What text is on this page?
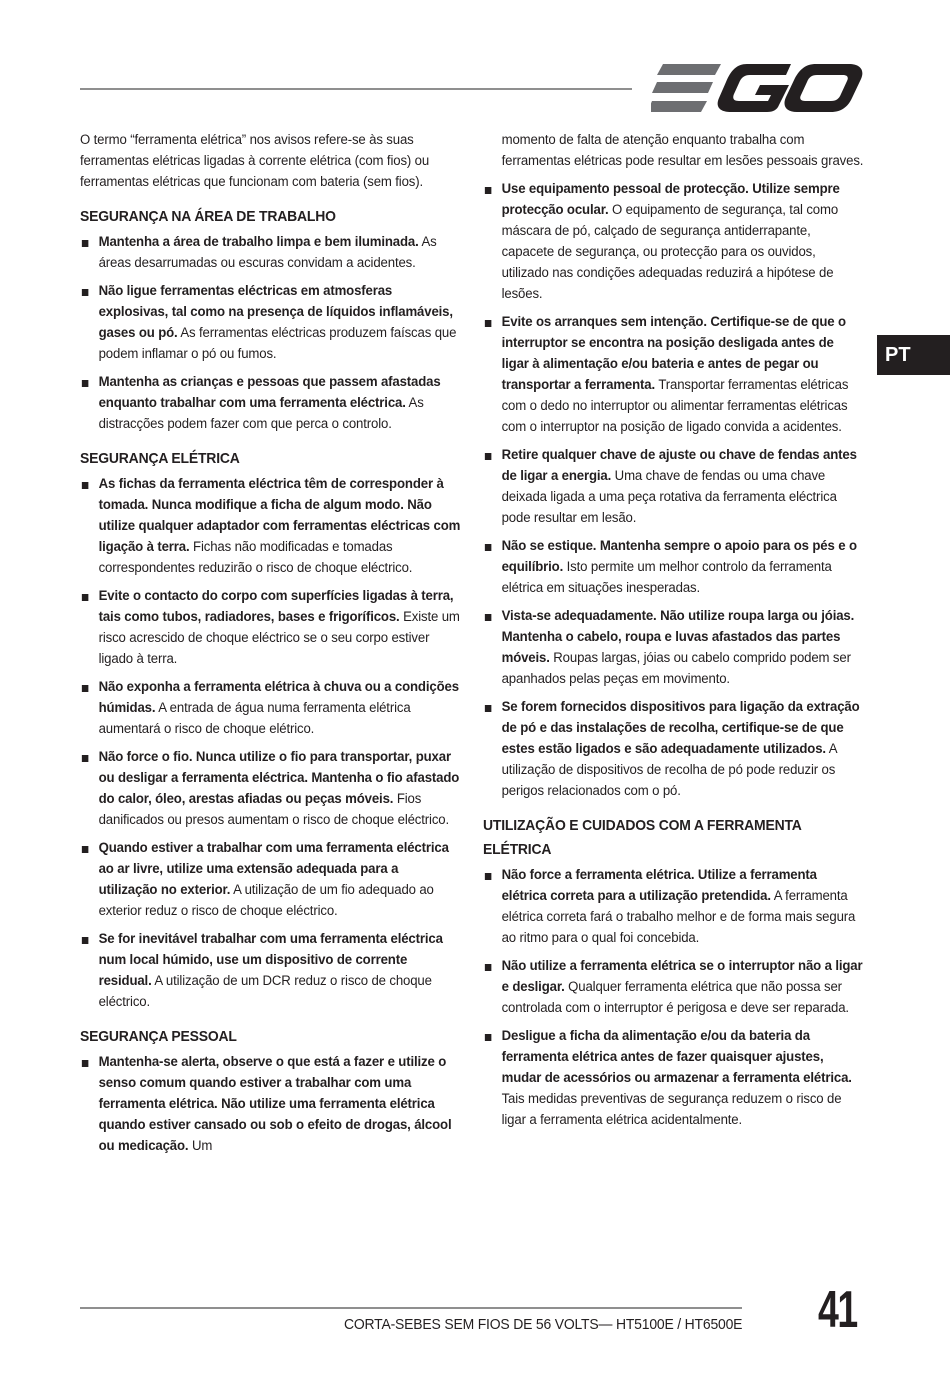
PT

O termo “ferramenta elétrica” nos avisos refere-se às suas ferramentas elétricas ligadas à corrente elétrica (com fios) ou ferramentas elétricas que funcionam com bateria (sem fios).

SEGURANÇA NA ÁREA DE TRABALHO
Mantenha a área de trabalho limpa e bem iluminada. As áreas desarrumadas ou escuras convidam a acidentes.
Não ligue ferramentas eléctricas em atmosferas explosivas, tal como na presença de líquidos inflamáveis, gases ou pó. As ferramentas eléctricas produzem faíscas que podem inflamar o pó ou fumos.
Mantenha as crianças e pessoas que passem afastadas enquanto trabalhar com uma ferramenta eléctrica. As distracções podem fazer com que perca o controlo.
SEGURANÇA ELÉTRICA
As fichas da ferramenta eléctrica têm de corresponder à tomada. Nunca modifique a ficha de algum modo. Não utilize qualquer adaptador com ferramentas eléctricas com ligação à terra. Fichas não modificadas e tomadas correspondentes reduzirão o risco de choque eléctrico.
Evite o contacto do corpo com superfícies ligadas à terra, tais como tubos, radiadores, bases e frigoríficos. Existe um risco acrescido de choque eléctrico se o seu corpo estiver ligado à terra.
Não exponha a ferramenta elétrica à chuva ou a condições húmidas. A entrada de água numa ferramenta elétrica aumentará o risco de choque elétrico.
Não force o fio. Nunca utilize o fio para transportar, puxar ou desligar a ferramenta eléctrica. Mantenha o fio afastado do calor, óleo, arestas afiadas ou peças móveis. Fios danificados ou presos aumentam o risco de choque eléctrico.
Quando estiver a trabalhar com uma ferramenta eléctrica ao ar livre, utilize uma extensão adequada para a utilização no exterior. A utilização de um fio adequado ao exterior reduz o risco de choque eléctrico.
Se for inevitável trabalhar com uma ferramenta eléctrica num local húmido, use um dispositivo de corrente residual. A utilização de um DCR reduz o risco de choque eléctrico.
SEGURANÇA PESSOAL
Mantenha-se alerta, observe o que está a fazer e utilize o senso comum quando estiver a trabalhar com uma ferramenta elétrica. Não utilize uma ferramenta elétrica quando estiver cansado ou sob o efeito de drogas, álcool ou medicação. Um

momento de falta de atenção enquanto trabalha com ferramentas elétricas pode resultar em lesões pessoais graves.

Use equipamento pessoal de protecção. Utilize sempre protecção ocular. O equipamento de segurança, tal como máscara de pó, calçado de segurança antiderrapante, capacete de segurança, ou protecção para os ouvidos, utilizado nas condições adequadas reduzirá a hipótese de lesões.
Evite os arranques sem intenção. Certifique-se de que o interruptor se encontra na posição desligada antes de ligar à alimentação e/ou bateria e antes de pegar ou transportar a ferramenta. Transportar ferramentas elétricas com o dedo no interruptor ou alimentar ferramentas elétricas com o interruptor na posição de ligado convida a acidentes.
Retire qualquer chave de ajuste ou chave de fendas antes de ligar a energia. Uma chave de fendas ou uma chave deixada ligada a uma peça rotativa da ferramenta eléctrica pode resultar em lesão.
Não se estique. Mantenha sempre o apoio para os pés e o equilíbrio. Isto permite um melhor controlo da ferramenta elétrica em situações inesperadas.
Vista-se adequadamente. Não utilize roupa larga ou jóias. Mantenha o cabelo, roupa e luvas afastados das partes móveis. Roupas largas, jóias ou cabelo comprido podem ser apanhados pelas peças em movimento.
Se forem fornecidos dispositivos para ligação da extração de pó e das instalações de recolha, certifique-se de que estes estão ligados e são adequadamente utilizados. A utilização de dispositivos de recolha de pó pode reduzir os perigos relacionados com o pó.
UTILIZAÇÃO E CUIDADOS COM A FERRAMENTA ELÉTRICA
Não force a ferramenta elétrica. Utilize a ferramenta elétrica correta para a utilização pretendida. A ferramenta elétrica correta fará o trabalho melhor e de forma mais segura ao ritmo para o qual foi concebida.
Não utilize a ferramenta elétrica se o interruptor não a ligar e desligar. Qualquer ferramenta elétrica que não possa ser controlada com o interruptor é perigosa e deve ser reparada.
Desligue a ficha da alimentação e/ou da bateria da ferramenta elétrica antes de fazer quaisquer ajustes, mudar de acessórios ou armazenar a ferramenta elétrica. Tais medidas preventivas de segurança reduzem o risco de ligar a ferramenta elétrica acidentalmente.
CORTA-SEBES SEM FIOS DE 56 VOLTS— HT5100E / HT6500E 41
